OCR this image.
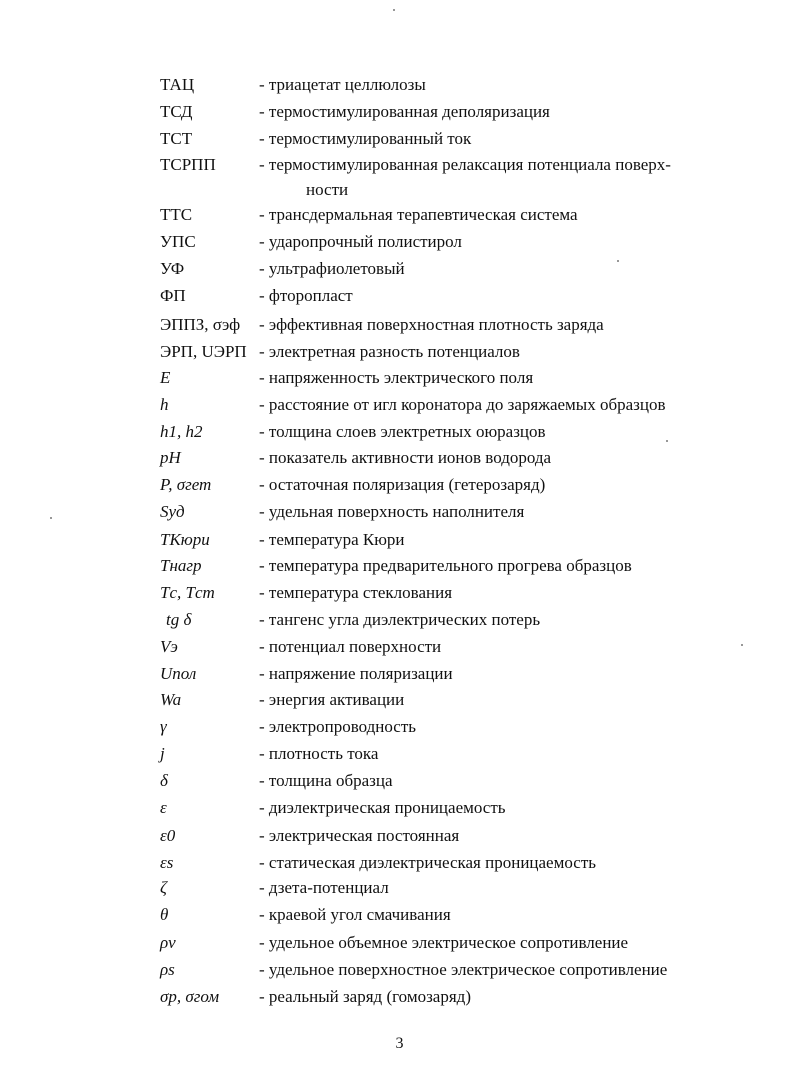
ТАЦ	- триацетат целлюлозы
ТСД	- термостимулированная деполяризация
ТСТ	- термостимулированный ток
ТСРПП	- термостимулированная релаксация потенциала поверх-
ности
ТТС	- трансдермальная терапевтическая система
УПС	- ударопрочный полистирол
УФ	- ультрафиолетовый
ФП	- фторопласт
ЭППЗ, σэф - эффективная поверхностная плотность заряда
ЭРП, UЭРП - электретная разность потенциалов
E	- напряженность электрического поля
h	- расстояние от игл коронатора до заряжаемых образцов
h1, h2	- толщина слоев электретных оюразцов
pH	- показатель активности ионов водорода
P, σгет	- остаточная поляризация (гетерозаряд)
Sуд	- удельная поверхность наполнителя
TКюри	- температура Кюри
Tнагр	- температура предварительного прогрева образцов
Tс, Tст	- температура стеклования
tg δ	- тангенс угла диэлектрических потерь
Vэ	- потенциал поверхности
Uпол	- напряжение поляризации
Wa	- энергия активации
γ	- электропроводность
j	- плотность тока
δ	- толщина образца
ε	- диэлектрическая проницаемость
ε0	- электрическая постоянная
εs	- статическая диэлектрическая проницаемость
ζ	- дзета-потенциал
θ	- краевой угол смачивания
ρv	- удельное объемное электрическое сопротивление
ρs	- удельное поверхностное электрическое сопротивление
σр, σгом - реальный заряд (гомозаряд)
3
